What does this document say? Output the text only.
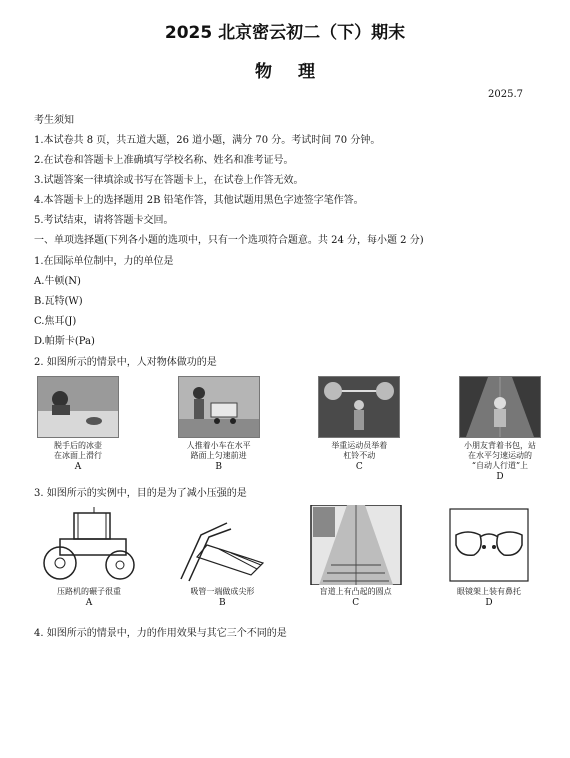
2025 北京密云初二（下）期末
物理
2025.7
考生须知
1.本试卷共 8 页，共五道大题，26 道小题，满分 70 分。考试时间 70 分钟。
2.在试卷和答题卡上准确填写学校名称、姓名和准考证号。
3.试题答案一律填涂或书写在答题卡上，在试卷上作答无效。
4.本答题卡上的选择题用 2B 铅笔作答，其他试题用黑色字迹签字笔作答。
5.考试结束，请将答题卡交回。
一、单项选择题(下列各小题的选项中，只有一个选项符合题意。共 24 分，每小题 2 分)
1.在国际单位制中，力的单位是
A.牛顿(N)
B.瓦特(W)
C.焦耳(J)
D.帕斯卡(Pa)
2. 如图所示的情景中，人对物体做功的是
脱手后的冰壶
在冰面上滑行
A
人推着小车在水平
路面上匀速前进
B
举重运动员举着
杠铃不动
C
小朋友背着书包，站
在水平匀速运动的
“自动人行道”上
D
3. 如图所示的实例中，目的是为了减小压强的是
压路机的碾子很重
A
吸管一端做成尖形
B
盲道上有凸起的圆点
C
眼镜架上装有鼻托
D
4. 如图所示的情景中，力的作用效果与其它三个不同的是
